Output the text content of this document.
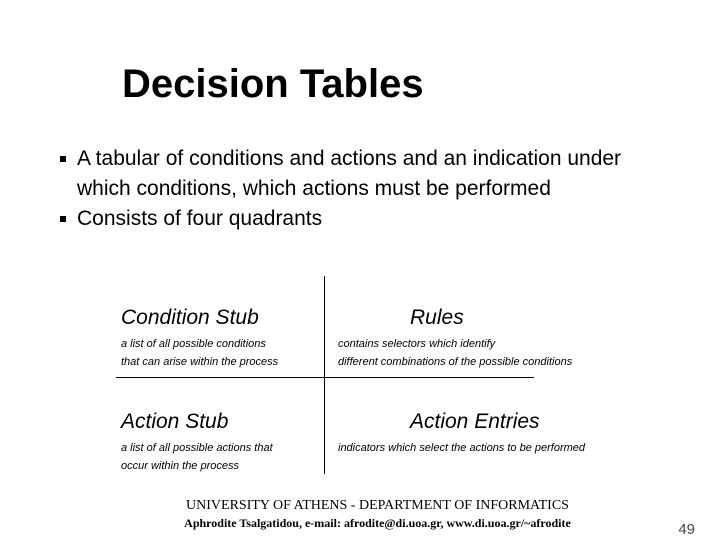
Decision Tables
A tabular of conditions and actions and an indication under which conditions, which actions must be performed
Consists of four quadrants
Condition Stub
a list of all possible conditions
that can arise within the process
Rules
contains selectors which identify
different combinations of the possible conditions
Action Stub
a list of all possible actions that
occur within the process
Action Entries
indicators which select the actions to be performed
UNIVERSITY OF ATHENS - DEPARTMENT OF INFORMATICS
Aphrodite Tsalgatidou, e-mail: afrodite@di.uoa.gr, www.di.uoa.gr/~afrodite	49
